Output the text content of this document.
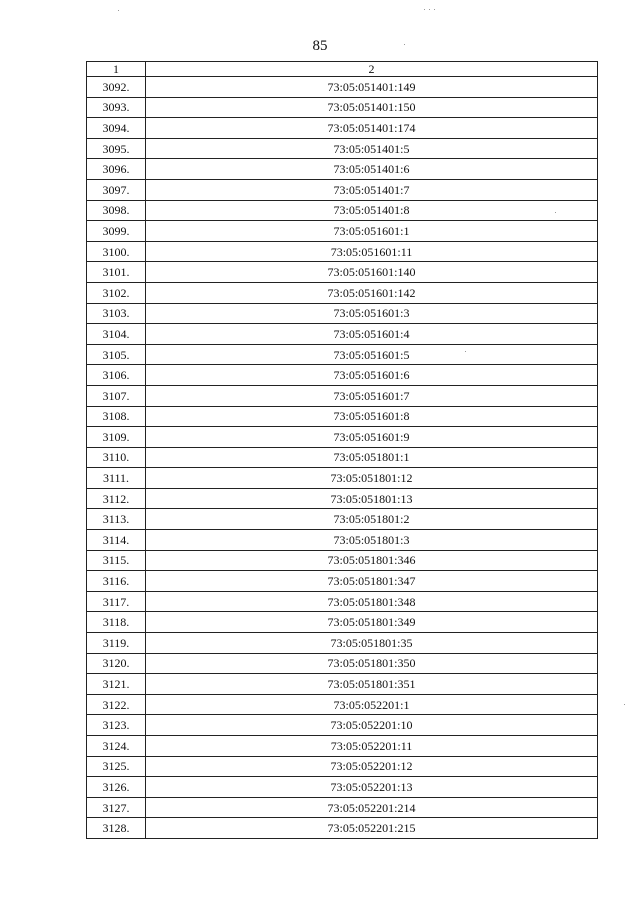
85
1	2
3092.	73:05:051401:149
3093.	73:05:051401:150
3094.	73:05:051401:174
3095.	73:05:051401:5
3096.	73:05:051401:6
3097.	73:05:051401:7
3098.	73:05:051401:8
3099.	73:05:051601:1
3100.	73:05:051601:11
3101.	73:05:051601:140
3102.	73:05:051601:142
3103.	73:05:051601:3
3104.	73:05:051601:4
3105.	73:05:051601:5
3106.	73:05:051601:6
3107.	73:05:051601:7
3108.	73:05:051601:8
3109.	73:05:051601:9
3110.	73:05:051801:1
3111.	73:05:051801:12
3112.	73:05:051801:13
3113.	73:05:051801:2
3114.	73:05:051801:3
3115.	73:05:051801:346
3116.	73:05:051801:347
3117.	73:05:051801:348
3118.	73:05:051801:349
3119.	73:05:051801:35
3120.	73:05:051801:350
3121.	73:05:051801:351
3122.	73:05:052201:1
3123.	73:05:052201:10
3124.	73:05:052201:11
3125.	73:05:052201:12
3126.	73:05:052201:13
3127.	73:05:052201:214
3128.	73:05:052201:215
